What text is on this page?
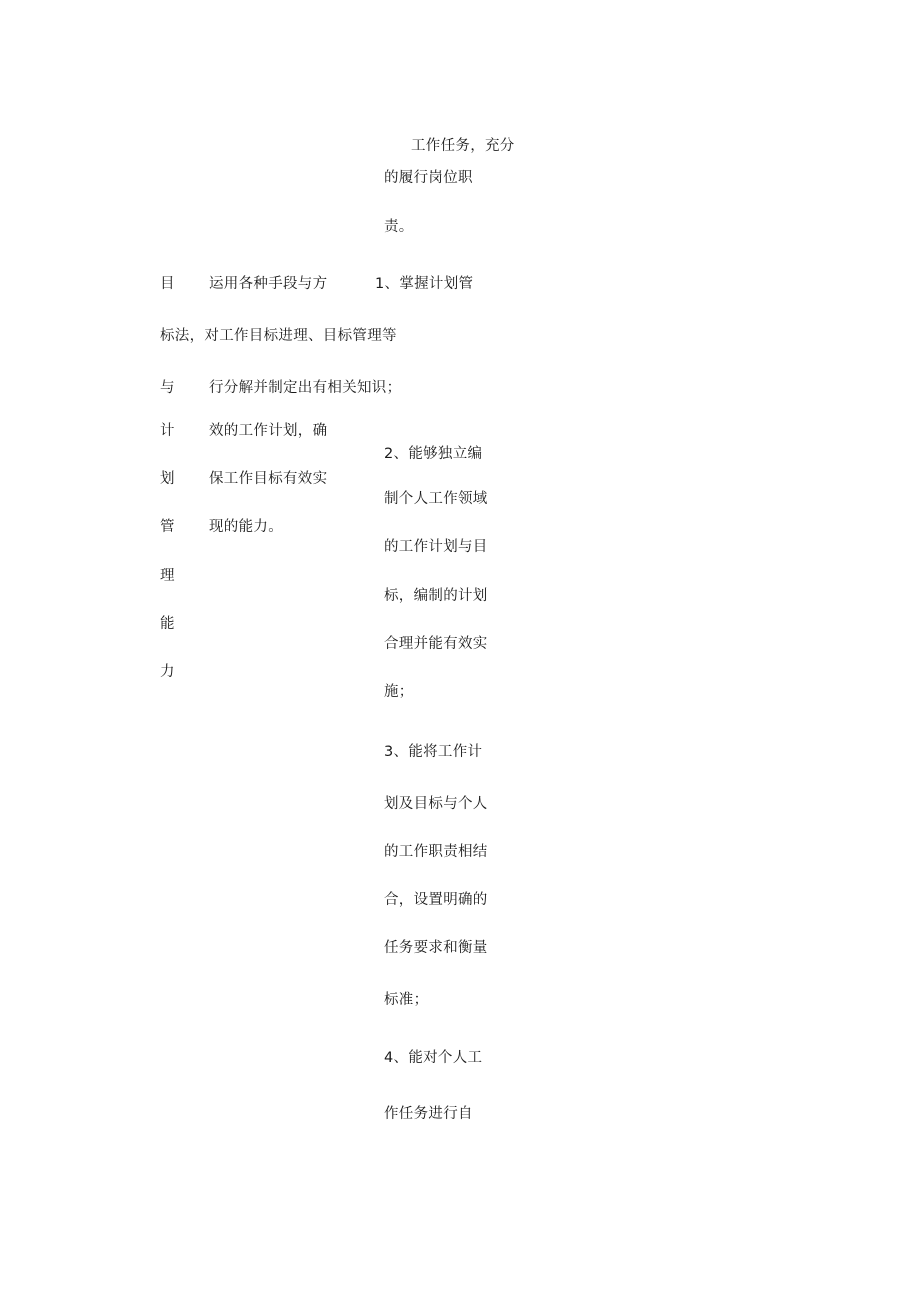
工作任务，充分
的履行岗位职
责。
目 运用各种手段与方	1、掌握计划管
标法，对工作目标进理、目标管理等
与 行分解并制定出有相关知识；
计 效的工作计划，确
2、能够独立编
划 保工作目标有效实
制个人工作领域
管 现的能力。
的工作计划与目
理
标，编制的计划
能
合理并能有效实
力
施；
3、能将工作计
划及目标与个人
的工作职责相结
合，设置明确的
任务要求和衡量
标准；
4、能对个人工
作任务进行自
